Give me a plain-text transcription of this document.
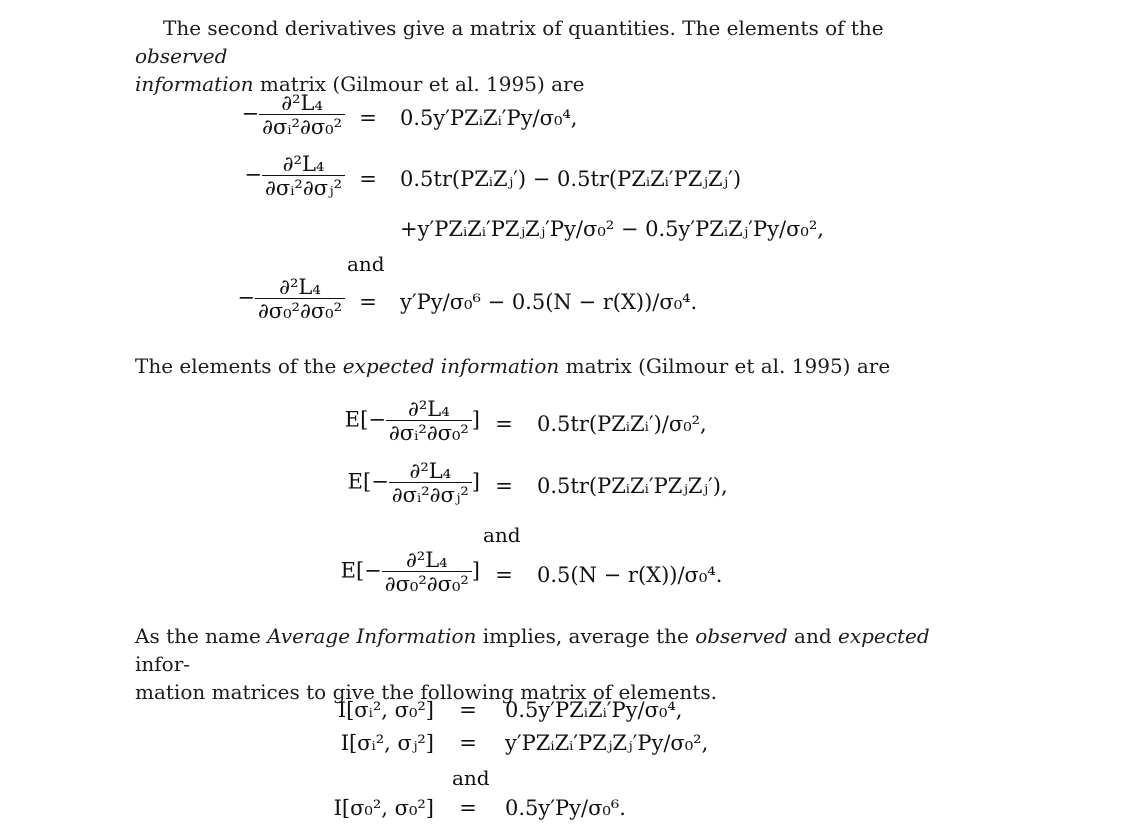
The second derivatives give a matrix of quantities. The elements of the observed
information matrix (Gilmour et al. 1995) are
− $\frac{\text{∂²L₄}}{\text{∂σᵢ²∂σ₀²}}$ =	0.5y′PZᵢZᵢ′Py/σ₀⁴,
− $\frac{\text{∂²L₄}}{\text{∂σᵢ²∂σⱼ²}}$ =	0.5tr(PZᵢZⱼ′) − 0.5tr(PZᵢZᵢ′PZⱼZⱼ′)
+y′PZᵢZᵢ′PZⱼZⱼ′Py/σ₀² − 0.5y′PZᵢZⱼ′Py/σ₀²,
and
− $\frac{\text{∂²L₄}}{\text{∂σ₀²∂σ₀²}}$ =	y′Py/σ₀⁶ − 0.5(N − r(X))/σ₀⁴.
The elements of the expected information matrix (Gilmour et al. 1995) are
$E[- \frac{\text{∂²L₄}}{\text{∂σᵢ²∂σ₀²}}$ ] =	0.5tr(PZᵢZᵢ′)/σ₀²,
$E[- \frac{\text{∂²L₄}}{\text{∂σᵢ²∂σⱼ²}}$ ] =	0.5tr(PZᵢZᵢ′PZⱼZⱼ′),
and
$E[- \frac{\text{∂²L₄}}{\text{∂σ₀²∂σ₀²}}$ ] =	0.5(N − r(X))/σ₀⁴.
As the name Average Information implies, average the observed and expected infor-
mation matrices to give the following matrix of elements.
I[σᵢ², σ₀²]	=	0.5y′PZᵢZᵢ′Py/σ₀⁴,
I[σᵢ², σⱼ²]	=	y′PZᵢZᵢ′PZⱼZⱼ′Py/σ₀²,
and
I[σ₀², σ₀²]	=	0.5y′Py/σ₀⁶.
